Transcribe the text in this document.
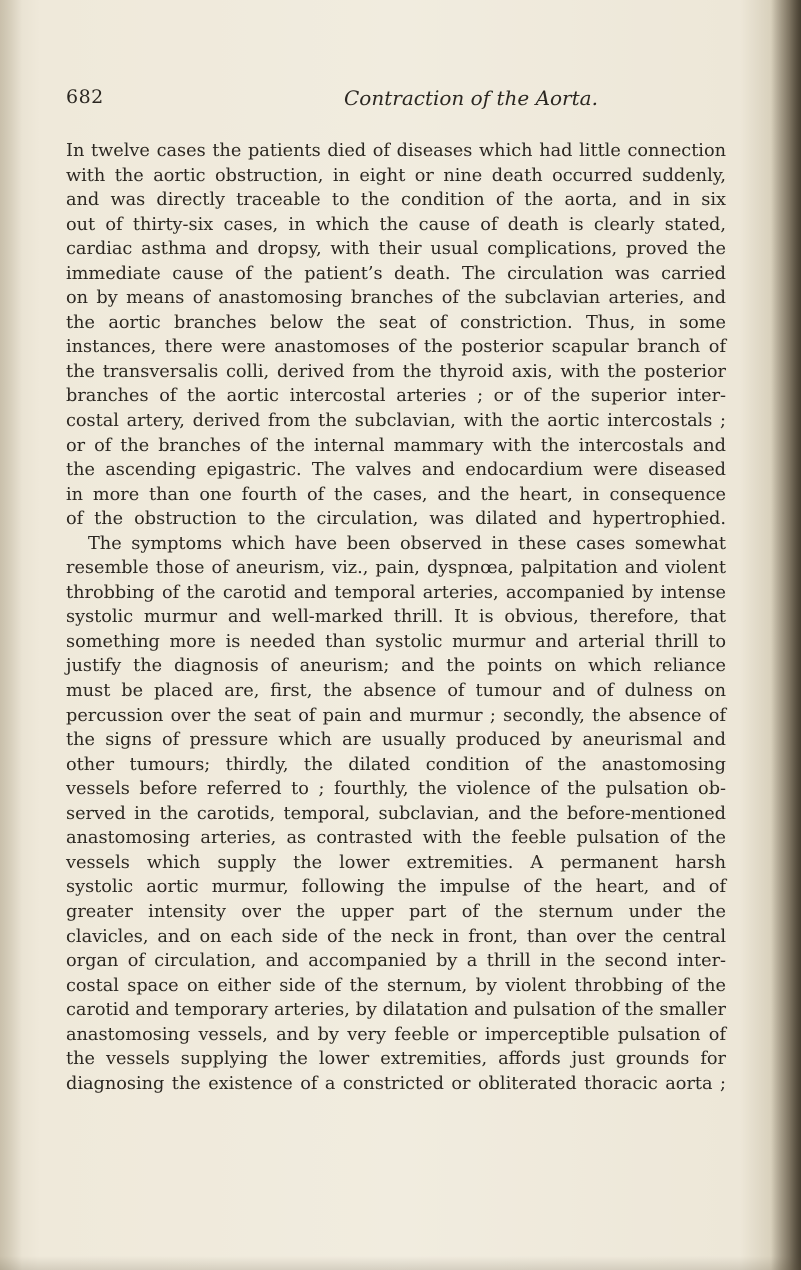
682	Contraction of the Aorta.
In twelve cases the patients died of diseases which had little connection
with the aortic obstruction, in eight or nine death occurred suddenly,
and was directly traceable to the condition of the aorta, and in six
out of thirty-six cases, in which the cause of death is clearly stated,
cardiac asthma and dropsy, with their usual complications, proved the
immediate cause of the patient’s death. The circulation was carried
on by means of anastomosing branches of the subclavian arteries, and
the aortic branches below the seat of constriction. Thus, in some
instances, there were anastomoses of the posterior scapular branch of
the transversalis colli, derived from the thyroid axis, with the posterior
branches of the aortic intercostal arteries ; or of the superior inter-
costal artery, derived from the subclavian, with the aortic intercostals ;
or of the branches of the internal mammary with the intercostals and
the ascending epigastric. The valves and endocardium were diseased
in more than one fourth of the cases, and the heart, in consequence
of the obstruction to the circulation, was dilated and hypertrophied.
The symptoms which have been observed in these cases somewhat
resemble those of aneurism, viz., pain, dyspnœa, palpitation and violent
throbbing of the carotid and temporal arteries, accompanied by intense
systolic murmur and well-marked thrill. It is obvious, therefore, that
something more is needed than systolic murmur and arterial thrill to
justify the diagnosis of aneurism; and the points on which reliance
must be placed are, first, the absence of tumour and of dulness on
percussion over the seat of pain and murmur ; secondly, the absence of
the signs of pressure which are usually produced by aneurismal and
other tumours; thirdly, the dilated condition of the anastomosing
vessels before referred to ; fourthly, the violence of the pulsation ob-
served in the carotids, temporal, subclavian, and the before-mentioned
anastomosing arteries, as contrasted with the feeble pulsation of the
vessels which supply the lower extremities. A permanent harsh
systolic aortic murmur, following the impulse of the heart, and of
greater intensity over the upper part of the sternum under the
clavicles, and on each side of the neck in front, than over the central
organ of circulation, and accompanied by a thrill in the second inter-
costal space on either side of the sternum, by violent throbbing of the
carotid and temporary arteries, by dilatation and pulsation of the smaller
anastomosing vessels, and by very feeble or imperceptible pulsation of
the vessels supplying the lower extremities, affords just grounds for
diagnosing the existence of a constricted or obliterated thoracic aorta ;
